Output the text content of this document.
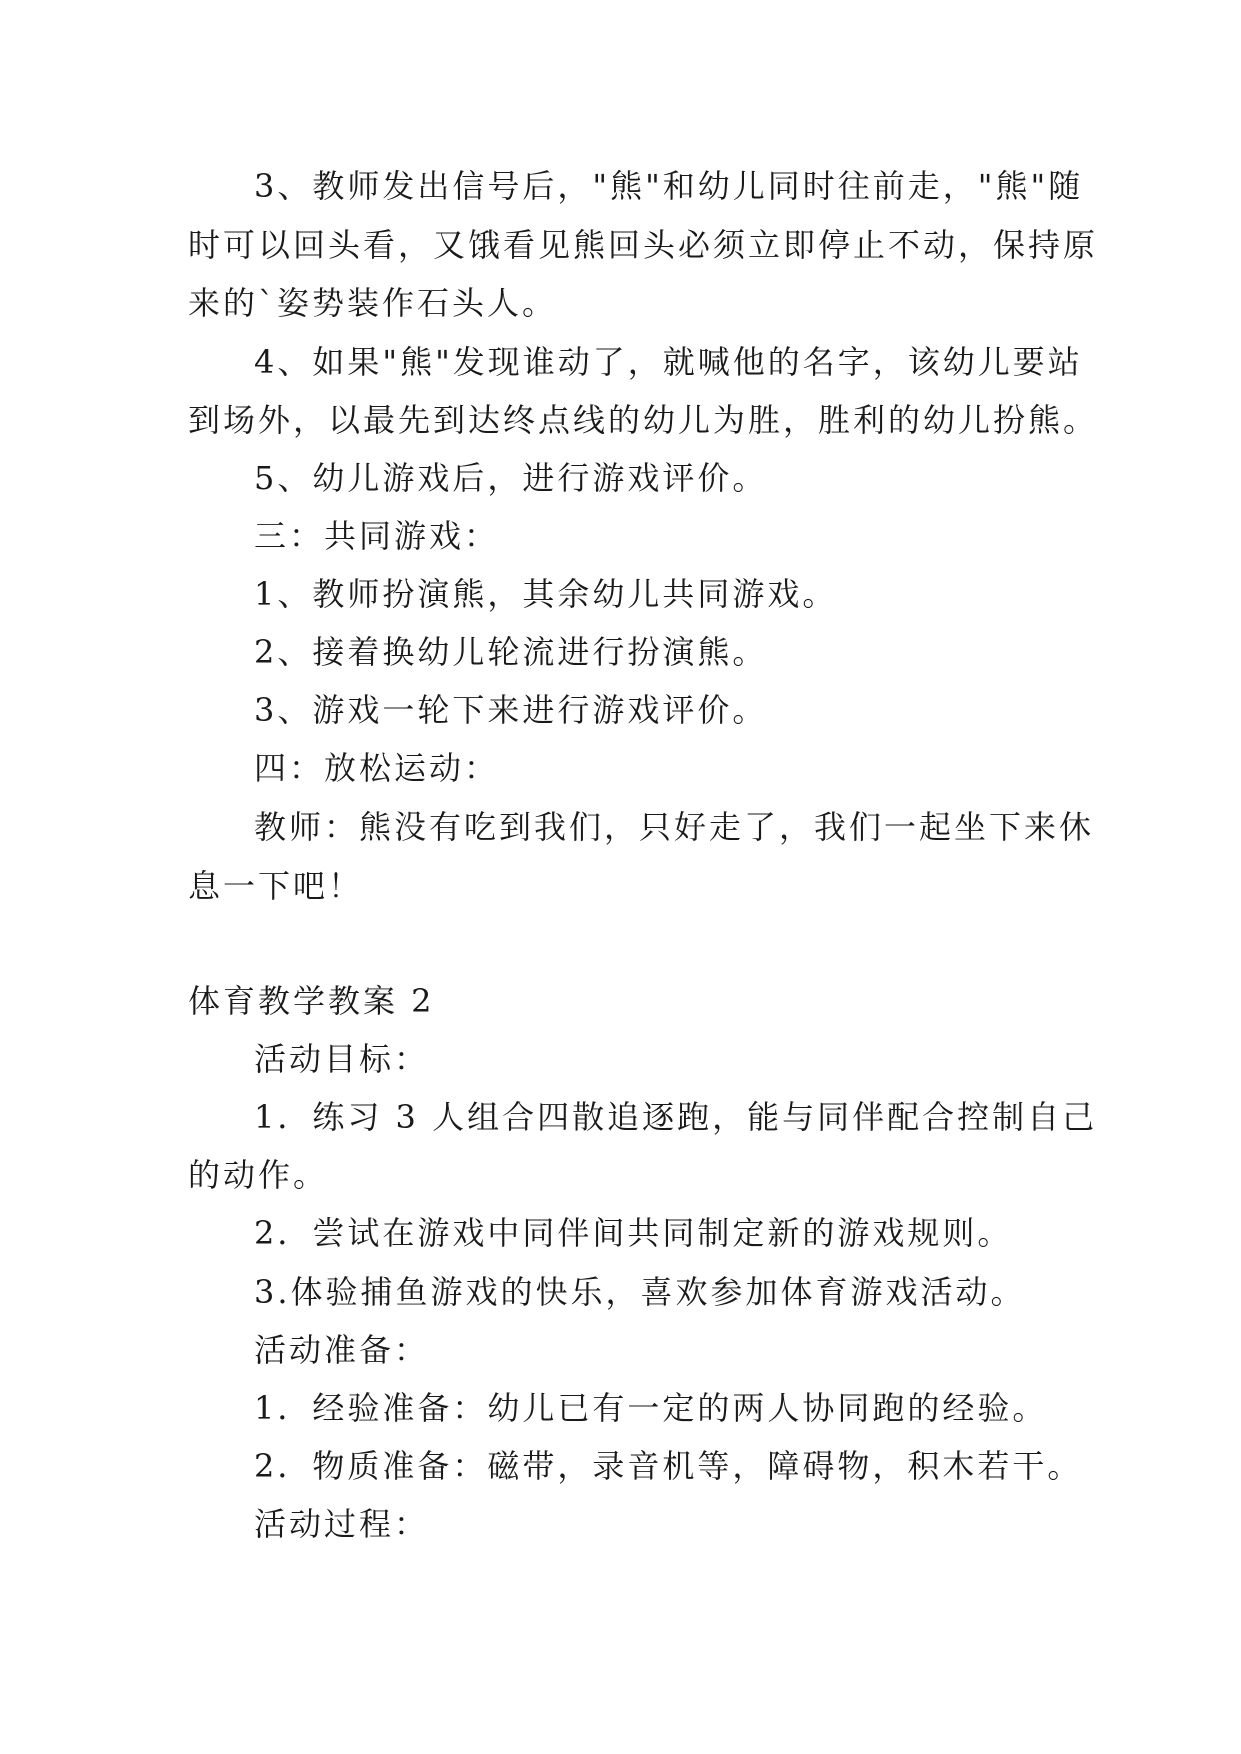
3、教师发出信号后，"熊"和幼儿同时往前走，"熊"随
时可以回头看，又饿看见熊回头必须立即停止不动，保持原
来的`姿势装作石头人。
4、如果"熊"发现谁动了，就喊他的名字，该幼儿要站
到场外，以最先到达终点线的幼儿为胜，胜利的幼儿扮熊。
5、幼儿游戏后，进行游戏评价。
三：共同游戏：
1、教师扮演熊，其余幼儿共同游戏。
2、接着换幼儿轮流进行扮演熊。
3、游戏一轮下来进行游戏评价。
四：放松运动：
教师：熊没有吃到我们，只好走了，我们一起坐下来休
息一下吧！
体育教学教案 2
活动目标：
1．练习 3 人组合四散追逐跑，能与同伴配合控制自己
的动作。
2．尝试在游戏中同伴间共同制定新的游戏规则。
3.体验捕鱼游戏的快乐，喜欢参加体育游戏活动。
活动准备：
1．经验准备：幼儿已有一定的两人协同跑的经验。
2．物质准备：磁带，录音机等，障碍物，积木若干。
活动过程：
